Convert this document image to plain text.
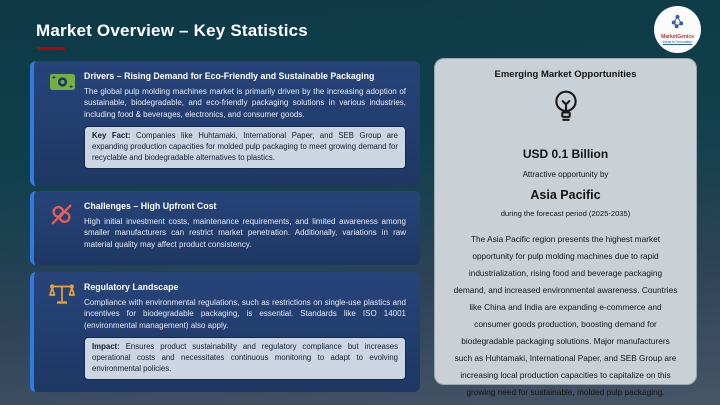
Market Overview – Key Statistics	MarketGenics
Ideas to Innovation
Drivers – Rising Demand for Eco-Friendly and Sustainable Packaging
The global pulp molding machines market is primarily driven by the increasing adoption of sustainable, biodegradable, and eco-friendly packaging solutions in various industries, including food & beverages, electronics, and consumer goods.
Key Fact: Companies like Huhtamaki, International Paper, and SEB Group are expanding production capacities for molded pulp packaging to meet growing demand for recyclable and biodegradable alternatives to plastics.
Challenges – High Upfront Cost
High initial investment costs, maintenance requirements, and limited awareness among smaller manufacturers can restrict market penetration. Additionally, variations in raw material quality may affect product consistency.
Regulatory Landscape
Compliance with environmental regulations, such as restrictions on single-use plastics and incentives for biodegradable packaging, is essential. Standards like ISO 14001 (environmental management) also apply.
Impact: Ensures product sustainability and regulatory compliance but increases operational costs and necessitates continuous monitoring to adapt to evolving environmental policies.
Emerging Market Opportunities
USD 0.1 Billion
Attractive opportunity by
Asia Pacific
during the forecast period (2025-2035)
The Asia Pacific region presents the highest market opportunity for pulp molding machines due to rapid industrialization, rising food and beverage packaging demand, and increased environmental awareness. Countries like China and India are expanding e-commerce and consumer goods production, boosting demand for biodegradable packaging solutions. Major manufacturers such as Huhtamaki, International Paper, and SEB Group are increasing local production capacities to capitalize on this growing need for sustainable, molded pulp packaging.
